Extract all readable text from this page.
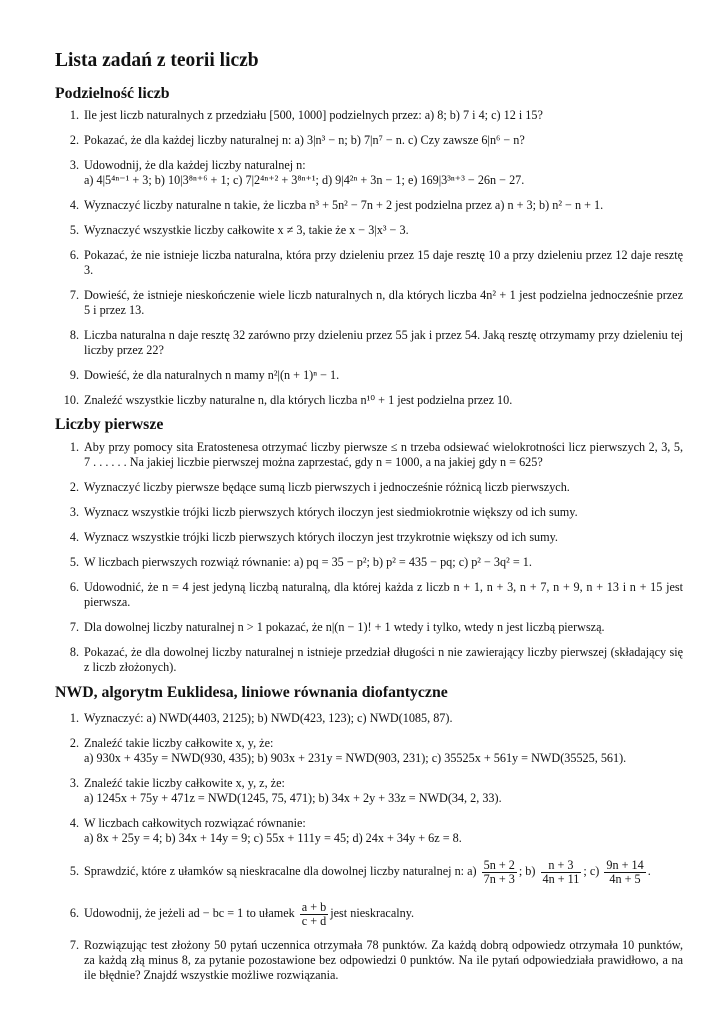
Lista zadań z teorii liczb
Podzielność liczb
1. Ile jest liczb naturalnych z przedziału [500, 1000] podzielnych przez: a) 8; b) 7 i 4; c) 12 i 15?
2. Pokazać, że dla każdej liczby naturalnej n: a) 3|n³ − n; b) 7|n⁷ − n. c) Czy zawsze 6|n⁶ − n?
3. Udowodnij, że dla każdej liczby naturalnej n:
a) 4|5⁴ⁿ⁻¹ + 3; b) 10|3⁸ⁿ⁺⁶ + 1; c) 7|2⁴ⁿ⁺² + 3⁸ⁿ⁺¹; d) 9|4²ⁿ + 3n − 1; e) 169|3³ⁿ⁺³ − 26n − 27.
4. Wyznaczyć liczby naturalne n takie, że liczba n³ + 5n² − 7n + 2 jest podzielna przez a) n + 3; b) n² − n + 1.
5. Wyznaczyć wszystkie liczby całkowite x ≠ 3, takie że x − 3|x³ − 3.
6. Pokazać, że nie istnieje liczba naturalna, która przy dzieleniu przez 15 daje resztę 10 a przy dzieleniu przez 12 daje resztę 3.
7. Dowieść, że istnieje nieskończenie wiele liczb naturalnych n, dla których liczba 4n² + 1 jest podzielna jednocześnie przez 5 i przez 13.
8. Liczba naturalna n daje resztę 32 zarówno przy dzieleniu przez 55 jak i przez 54. Jaką resztę otrzymamy przy dzieleniu tej liczby przez 22?
9. Dowieść, że dla naturalnych n mamy n²|(n + 1)ⁿ − 1.
10. Znaleźć wszystkie liczby naturalne n, dla których liczba n¹⁰ + 1 jest podzielna przez 10.
Liczby pierwsze
1. Aby przy pomocy sita Eratostenesa otrzymać liczby pierwsze ≤ n trzeba odsiewać wielokrotności licz pierwszych 2, 3, 5, 7 . . . . . . Na jakiej liczbie pierwszej można zaprzestać, gdy n = 1000, a na jakiej gdy n = 625?
2. Wyznaczyć liczby pierwsze będące sumą liczb pierwszych i jednocześnie różnicą liczb pierwszych.
3. Wyznacz wszystkie trójki liczb pierwszych których iloczyn jest siedmiokrotnie większy od ich sumy.
4. Wyznacz wszystkie trójki liczb pierwszych których iloczyn jest trzykrotnie większy od ich sumy.
5. W liczbach pierwszych rozwiąż równanie: a) pq = 35 − p²; b) p² = 435 − pq; c) p² − 3q² = 1.
6. Udowodnić, że n = 4 jest jedyną liczbą naturalną, dla której każda z liczb n + 1, n + 3, n + 7, n + 9, n + 13 i n + 15 jest pierwsza.
7. Dla dowolnej liczby naturalnej n > 1 pokazać, że n|(n − 1)! + 1 wtedy i tylko, wtedy n jest liczbą pierwszą.
8. Pokazać, że dla dowolnej liczby naturalnej n istnieje przedział długości n nie zawierający liczby pierwszej (składający się z liczb złożonych).
NWD, algorytm Euklidesa, liniowe równania diofantyczne
1. Wyznaczyć: a) NWD(4403, 2125); b) NWD(423, 123); c) NWD(1085, 87).
2. Znaleźć takie liczby całkowite x, y, że:
a) 930x + 435y = NWD(930, 435); b) 903x + 231y = NWD(903, 231); c) 35525x + 561y = NWD(35525, 561).
3. Znaleźć takie liczby całkowite x, y, z, że:
a) 1245x + 75y + 471z = NWD(1245, 75, 471); b) 34x + 2y + 33z = NWD(34, 2, 33).
4. W liczbach całkowitych rozwiązać równanie:
a) 8x + 25y = 4; b) 34x + 14y = 9; c) 55x + 111y = 45; d) 24x + 34y + 6z = 8.
5. Sprawdzić, które z ułamków są nieskracalne dla dowolnej liczby naturalnej n: $a) \frac{5n + 2}{7n + 3}$ ; $b) \frac{n + 3}{4n + 11}$ ; $c) \frac{9n + 14}{4n + 5}$ .
6. Udowodnij, że jeżeli ad − bc = 1 to ułamek $\frac{a + b}{c + d}$ jest nieskracalny.
7. Rozwiązując test złożony 50 pytań uczennica otrzymała 78 punktów. Za każdą dobrą odpowiedz otrzymała 10 punktów, za każdą złą minus 8, za pytanie pozostawione bez odpowiedzi 0 punktów. Na ile pytań odpowiedziała prawidłowo, a na ile błędnie? Znajdź wszystkie możliwe rozwiązania.
